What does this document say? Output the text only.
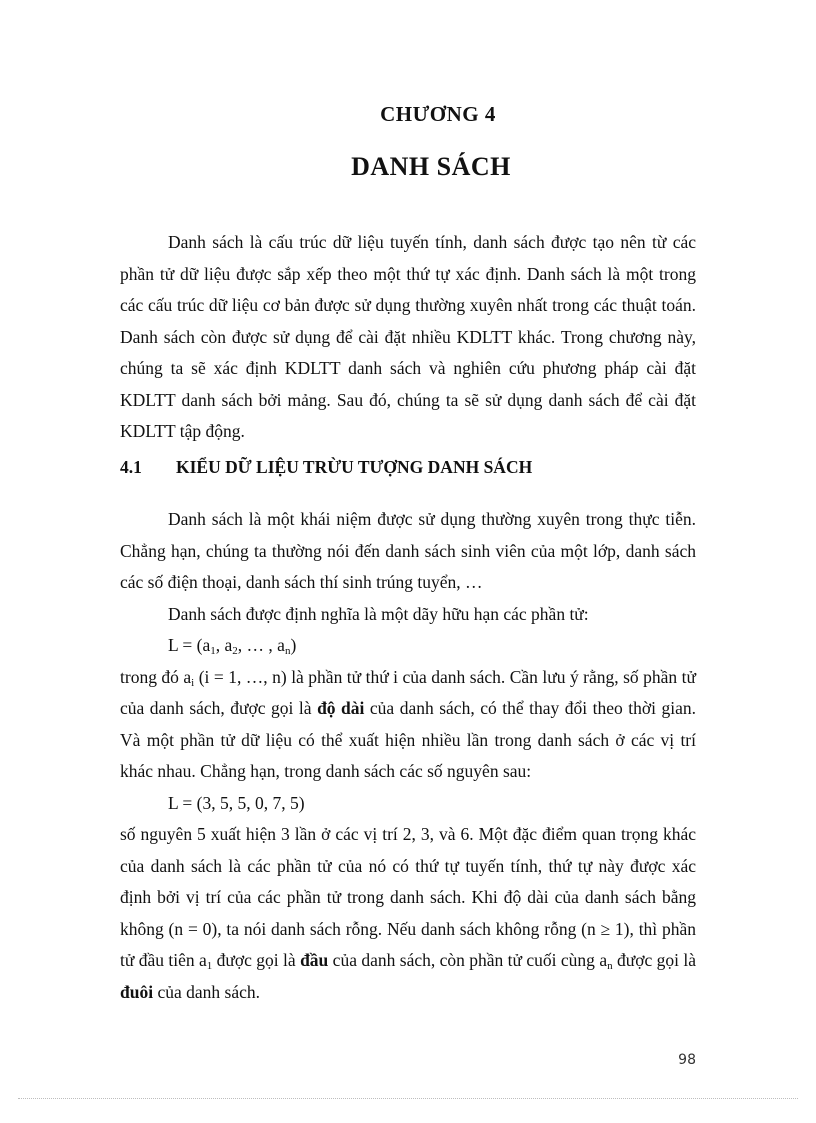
CHƯƠNG 4
DANH SÁCH

Danh sách là cấu trúc dữ liệu tuyến tính, danh sách được tạo nên từ các phần tử dữ liệu được sắp xếp theo một thứ tự xác định. Danh sách là một trong các cấu trúc dữ liệu cơ bản được sử dụng thường xuyên nhất trong các thuật toán. Danh sách còn được sử dụng để cài đặt nhiều KDLTT khác. Trong chương này, chúng ta sẽ xác định KDLTT danh sách và nghiên cứu phương pháp cài đặt KDLTT danh sách bởi mảng. Sau đó, chúng ta sẽ sử dụng danh sách để cài đặt KDLTT tập động.

4.1 KIỂU DỮ LIỆU TRỪU TƯỢNG DANH SÁCH

Danh sách là một khái niệm được sử dụng thường xuyên trong thực tiễn. Chẳng hạn, chúng ta thường nói đến danh sách sinh viên của một lớp, danh sách các số điện thoại, danh sách thí sinh trúng tuyển, …

Danh sách được định nghĩa là một dãy hữu hạn các phần tử:

$L = (a_1$, $a_2$, … , $a_n$)

trong đó $a_i$ (i = 1, …, n) là phần tử thứ i của danh sách. Cần lưu ý rằng, số phần tử của danh sách, được gọi là độ dài của danh sách, có thể thay đổi theo thời gian. Và một phần tử dữ liệu có thể xuất hiện nhiều lần trong danh sách ở các vị trí khác nhau. Chẳng hạn, trong danh sách các số nguyên sau:

L = (3, 5, 5, 0, 7, 5)

số nguyên 5 xuất hiện 3 lần ở các vị trí 2, 3, và 6. Một đặc điểm quan trọng khác của danh sách là các phần tử của nó có thứ tự tuyến tính, thứ tự này được xác định bởi vị trí của các phần tử trong danh sách. Khi độ dài của danh sách bằng không (n = 0), ta nói danh sách rỗng. Nếu danh sách không rỗng (n ≥ 1), thì phần tử đầu tiên $a_1$ được gọi là đầu của danh sách, còn phần tử cuối cùng $a_n$ được gọi là đuôi của danh sách.

98
